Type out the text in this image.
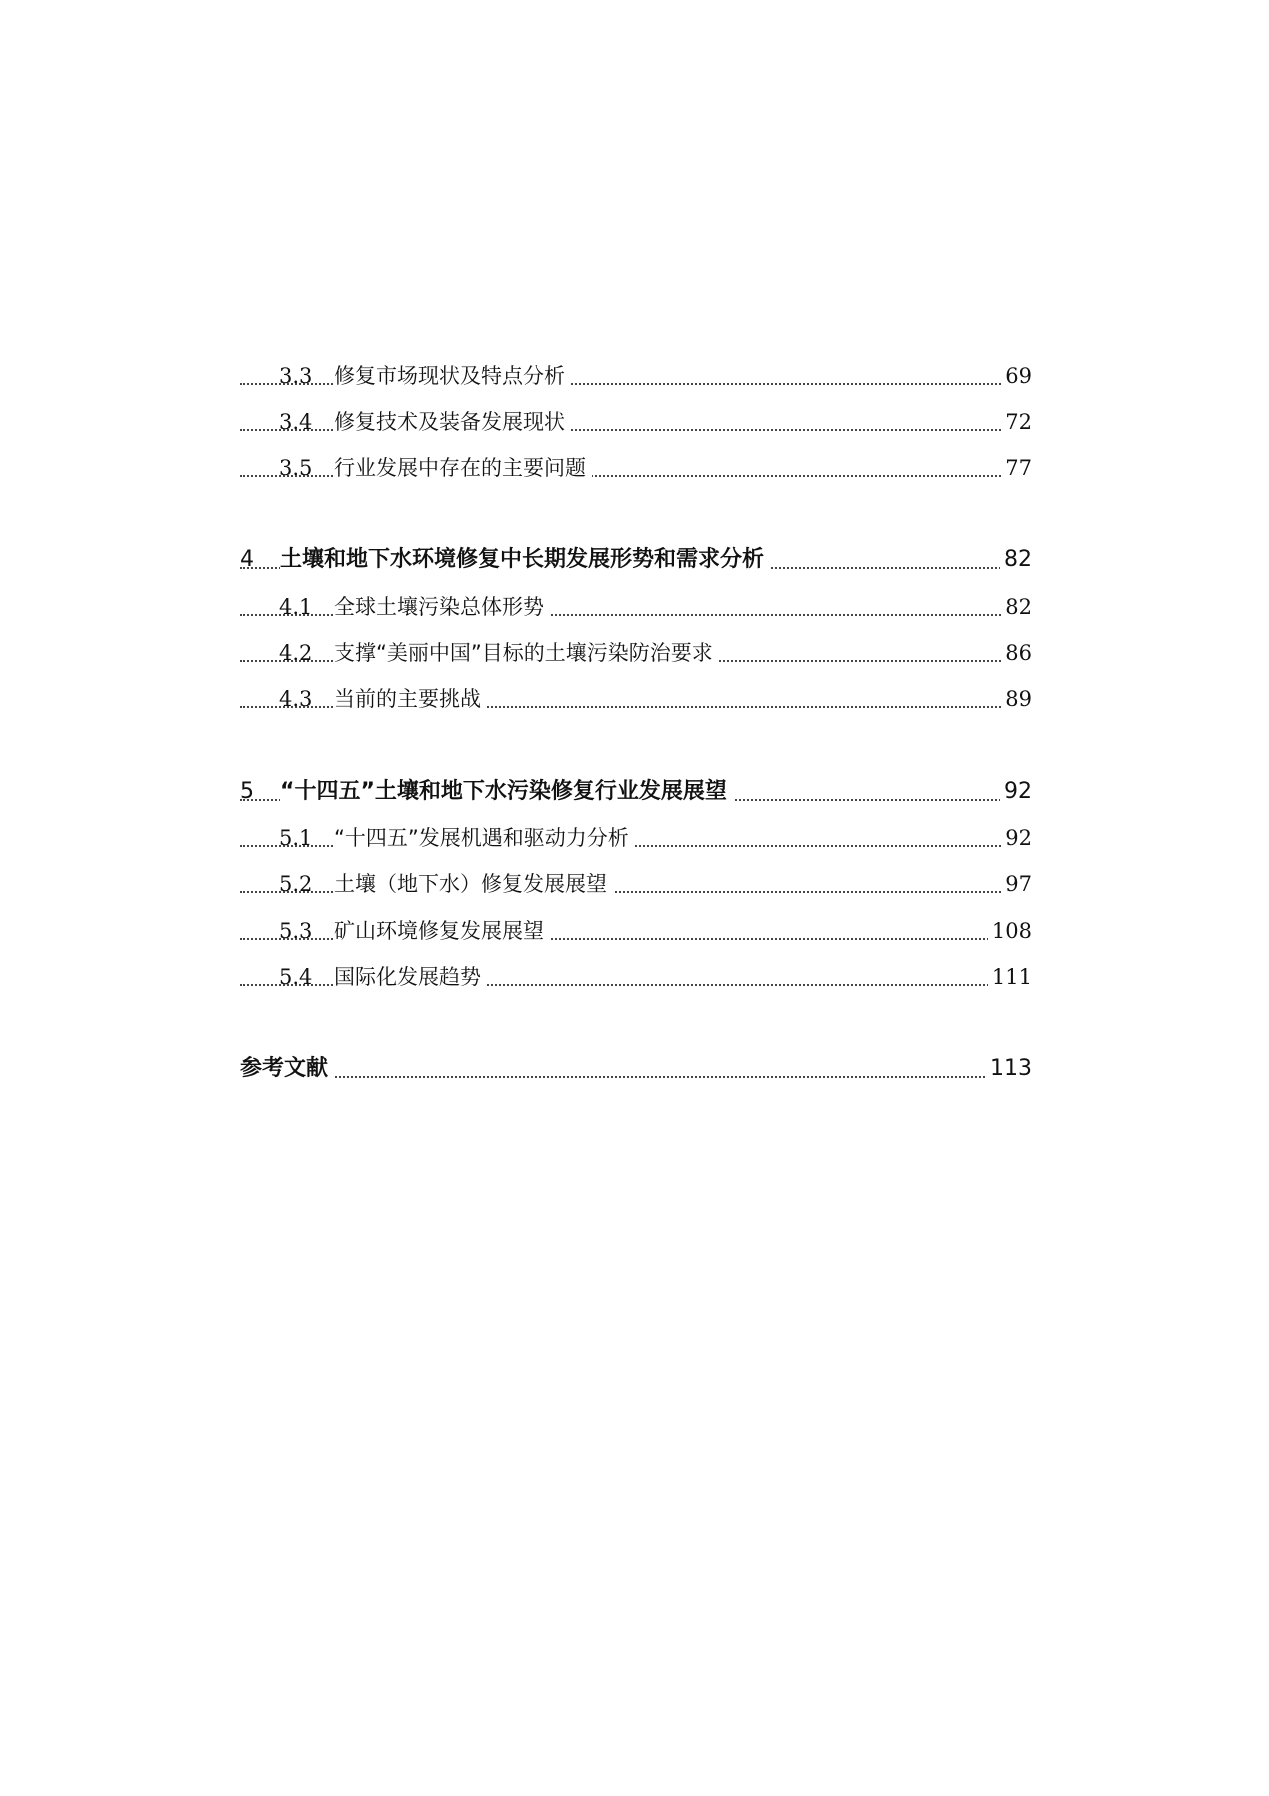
3.3	修复市场现状及特点分析	69
3.4	修复技术及装备发展现状	72
3.5	行业发展中存在的主要问题	77
4	土壤和地下水环境修复中长期发展形势和需求分析	82
4.1	全球土壤污染总体形势	82
4.2	支撑“美丽中国”目标的土壤污染防治要求	86
4.3	当前的主要挑战	89
5	“十四五”土壤和地下水污染修复行业发展展望	92
5.1	“十四五”发展机遇和驱动力分析	92
5.2	土壤（地下水）修复发展展望	97
5.3	矿山环境修复发展展望	108
5.4	国际化发展趋势	111
参考文献	113
